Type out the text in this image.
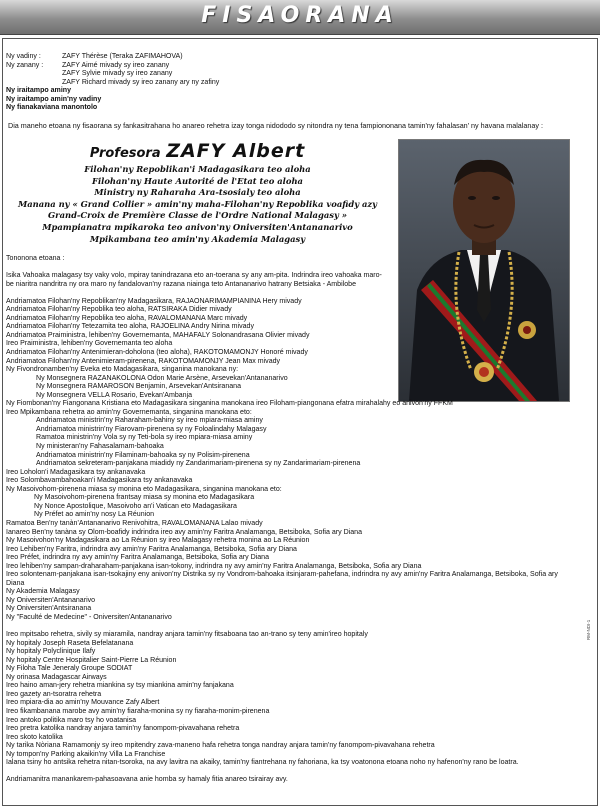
FISAORANA
Ny vadiny :	ZAFY Thérèse (Teraka ZAFIMAHOVA)
Ny zanany :	ZAFY Aimé mivady sy ireo zanany
ZAFY Sylvie mivady sy ireo zanany
ZAFY Richard mivady sy ireo zanany ary ny zafiny
Ny iraitampo aminy
Ny iraitampo amin'ny vadiny
Ny fianakaviana manontolo
Dia maneho etoana ny fisaorana sy fankasitrahana ho anareo rehetra izay tonga nidododo sy nitondra ny tena fampiononana tamin'ny fahalasan' ny havana malalanay :
Profesora ZAFY Albert
Filohan'ny Repoblikan'i Madagasikara teo aloha
Filohan'ny Haute Autorité de l'Etat teo aloha
Ministry ny Raharaha Ara-tsosialy teo aloha
Manana ny « Grand Collier » amin'ny maha-Filohan'ny Repoblika voafidy azy
Grand-Croix de Première Classe de l'Ordre National Malagasy »
Mpampianatra mpikaroka teo anivon'ny Oniversiten'Antananarivo
Mpikambana teo amin'ny Akademia Malagasy
Tononona etoana :

Isika Vahoaka malagasy tsy vaky volo, mpiray tanindrazana eto an-toerana sy any am-pita. Indrindra ireo vahoaka maro-
be niaritra nandritra ny ora maro ny fandalovan'ny razana niainga teto Antananarivo hatrany Betsiaka - Ambilobe

Andriamatoa Filohan'ny Repoblikan'ny Madagasikara, RAJAONARIMAMPIANINA Hery mivady
Andriamatoa Filohan'ny Repoblika teo aloha, RATSIRAKA Didier mivady
Andriamatoa Filohan'ny Repoblika teo aloha, RAVALOMANANA Marc mivady
Andriamatoa Filohan'ny Tetezamita teo aloha, RAJOELINA Andry Nirina mivady
Andriamatoa Praiministra, lehiben'ny Governemanta, MAHAFALY Solonandrasana Olivier mivady
Ireo Praiministra, lehiben'ny Governemanta teo aloha
Andriamatoa Filohan'ny Antenimieran-doholona (teo aloha), RAKOTOMAMONJY Honoré mivady
Andriamatoa Filohan'ny Antenimieram-pirenena, RAKOTOMAMONJY Jean Max mivady
Ny Fivondronamben'ny Eveka eto Madagasikara, singanina manokana ny:
Ny Monsegnera RAZANAKOLONA Odon Marie Arsène, Arsevekan'Antananarivo
Ny Monsegnera RAMAROSON Benjamin, Arsevekan'Antsiranana
Ny Monsegnera VELLA Rosario, Evekan'Ambanja
Ny Fiombonan'ny Fiangonana Kristiana eto Madagasikara singanina manokana ireo Filoham-piangonana efatra mirahalahy eo anivon'ny FFKM
Ireo Mpikambana rehetra ao amin'ny Governemanta, singanina manokana eto:
Andriamatoa ministrin'ny Raharaham-bahiny sy ireo mpiara-miasa aminy
Andriamatoa ministrin'ny Fiarovam-pirenena sy ny Foloalindahy Malagasy
Ramatoa ministrin'ny Vola sy ny Teti-bola sy ireo mpiara-miasa aminy
Ny ministeran'ny Fahasalamam-bahoaka
Andriamatoa ministrin'ny Filaminam-bahoaka sy ny Polisim-pirenena
Andriamatoa sekreteram-panjakana miadidy ny Zandarimariam-pirenena sy ny Zandarimariam-pirenena
Ireo Loholon'i Madagasikara tsy ankanavaka
Ireo Solombavambahoakan'i Madagasikara tsy ankanavaka
Ny Masoivohom-pirenena miasa sy monina eto Madagasikara, singanina manokana eto:
Ny Masoivohom-pirenena frantsay miasa sy monina eto Madagasikara
Ny Nonce Apostolique, Masoivoho an'i Vatican eto Madagasikara
Ny Préfet ao amin'ny nosy La Réunion
Ramatoa Ben'ny tanàn'Antananarivo Renivohitra, RAVALOMANANA Lalao mivady
Ianareo Ben'ny tanàna sy Olom-boafidy indrindra ireo avy amin'ny Faritra Analamanga, Betsiboka, Sofia ary Diana
Ny Masoivohon'ny Madagasikara ao La Réunion sy ireo Malagasy rehetra monina ao La Réunion
Ireo Lehiben'ny Faritra, indrindra avy amin'ny Faritra Analamanga, Betsiboka, Sofia ary Diana
Ireo Préfet, indrindra ny avy amin'ny Faritra Analamanga, Betsiboka, Sofia ary Diana
Ireo lehiben'ny sampan-draharaham-panjakana isan-tokony, indrindra ny avy amin'ny Faritra Analamanga, Betsiboka, Sofia ary Diana
Ireo solontenam-panjakana isan-tsokajiny eny anivon'ny Distrika sy ny Vondrom-bahoaka itsinjaram-pahefana, indrindra ny avy amin'ny Faritra Analamanga, Betsiboka, Sofia ary
Diana
Ny Akademia Malagasy
Ny Oniversiten'Antananarivo
Ny Oniversiten'Antsiranana
Ny "Faculté de Medecine" - Oniversiten'Antananarivo

Ireo mpitsabo rehetra, sivily sy miaramila, nandray anjara tamin'ny fitsaboana tao an-trano sy teny amin'ireo hopitaly
Ny hopitaly Joseph Raseta Befelatanana
Ny hopitaly Polyclinique Ilafy
Ny hopitaly Centre Hospitalier Saint-Pierre La Réunion
Ny Filoha Tale Jeneraly Groupe SODIAT
Ny orinasa Madagascar Airways
Ireo haino aman-jery rehetra miankina sy tsy miankina amin'ny fanjakana
Ireo gazety an-tsoratra rehetra
Ireo mpiara-dia ao amin'ny Mouvance Zafy Albert
Ireo fikambanana marobe avy amin'ny fiaraha-monina sy ny fiaraha-monim-pirenena
Ireo antoko politika maro tsy ho voatanisa
Ireo pretra katolika nandray anjara tamin'ny fanompom-pivavahana rehetra
Ireo skoto katolika
Ny tarika Nòriana Ramamonjy sy ireo mpitendry zava-maneno hafa rehetra tonga nandray anjara tamin'ny fanompom-pivavahana rehetra
Ny tompon'ny Parking akaikin'ny Villa La Franchise
Ialana tsiny ho antsika rehetra nitan-tsoroka, na avy lavitra na akaiky, tamin'ny fiantrehana ny fahoriana, ka tsy voatonona etoana noho ny hafenon'ny rano be loatra.

Andriamanitra manankarem-pahasoavana anie homba sy hamaly fitia anareo tsirairay avy.
RM-NDI-1
